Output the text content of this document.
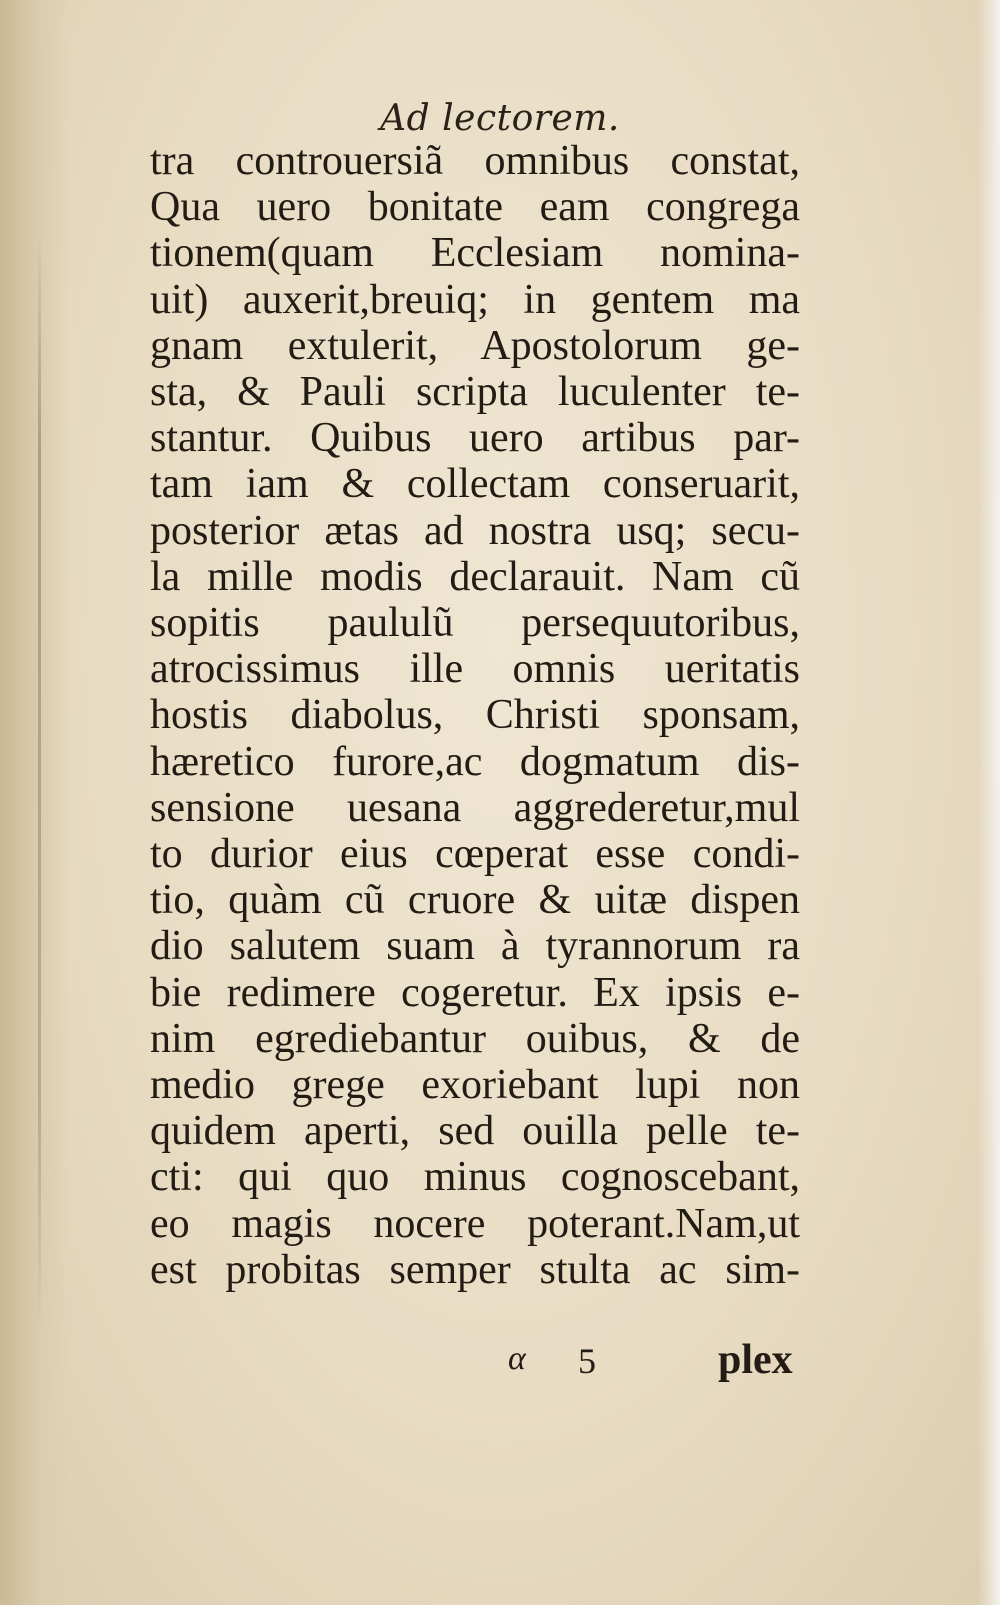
Ad lectorem.
tra controuersiã omnibus constat,
Qua uero bonitate eam congrega
tionem(quam Ecclesiam nomina-
uit) auxerit,breuiq; in gentem ma
gnam extulerit, Apostolorum ge-
sta, & Pauli scripta luculenter te-
stantur. Quibus uero artibus par-
tam iam & collectam conseruarit,
posterior ætas ad nostra usq; secu-
la mille modis declarauit. Nam cũ
sopitis paululũ persequutoribus,
atrocissimus ille omnis ueritatis
hostis diabolus, Christi sponsam,
hæretico furore,ac dogmatum dis-
sensione uesana aggrederetur,mul
to durior eius cœperat esse condi-
tio, quàm cũ cruore & uitæ dispen
dio salutem suam à tyrannorum ra
bie redimere cogeretur. Ex ipsis e-
nim egrediebantur ouibus, & de
medio grege exoriebant lupi non
quidem aperti, sed ouilla pelle te-
cti: qui quo minus cognoscebant,
eo magis nocere poterant.Nam,ut
est probitas semper stulta ac sim-
α 5	plex
